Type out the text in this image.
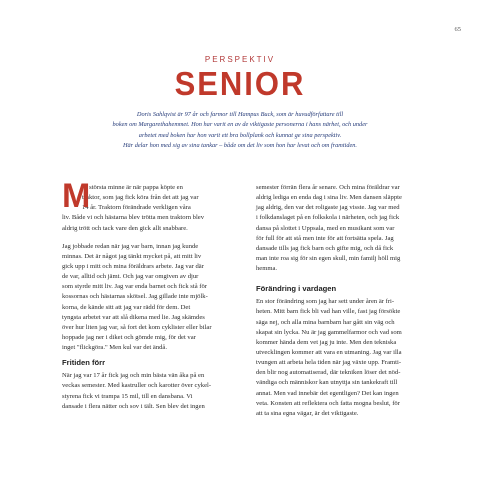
65
PERSPEKTIV
SENIOR
Doris Sahlqvist är 97 år och farmor till Hampus Buck, som är huvudförfattare till
boken om Margarethahemmet. Hon har varit en av de viktigaste personerna i hans närhet, och under
arbetet med boken har hon varit ett bra bollplank och kunnat ge sina perspektiv.
Här delar hon med sig av sina tankar – både om det liv som hon har levat och om framtiden.
M
itt största minne är när pappa köpte en
traktor, som jag fick köra från det att jag var
14 år. Traktorn förändrade verkligen våra
liv. Både vi och hästarna blev trötta men traktorn blev
aldrig trött och tack vare den gick allt snabbare.
Jag jobbade redan när jag var barn, innan jag kunde
minnas. Det är något jag tänkt mycket på, att mitt liv
gick upp i mitt och mina föräldrars arbete. Jag var där
de var, alltid och jämt. Och jag var omgiven av djur
som styrde mitt liv. Jag var enda barnet och fick stå för
kossornas och hästarnas skötsel. Jag gillade inte mjölk-
korna, de kände sitt att jag var rädd för dem. Det
tyngsta arbetet var att slå dikena med lie. Jag skämdes
över hur liten jag var, så fort det kom cyklister eller bilar
hoppade jag ner i diket och gömde mig, för det var
inget "flickgöra." Men kul var det ändå.
Fritiden förr
När jag var 17 år fick jag och min bästa vän åka på en
veckas semester. Med kastruller och karotter över cykel-
styrena fick vi trampa 15 mil, till en dansbana. Vi
dansade i flera nätter och sov i tält. Sen blev det ingen
semester förrän flera år senare. Och mina föräldrar var
aldrig lediga en enda dag i sina liv. Men dansen släppte
jag aldrig, den var det roligaste jag visste. Jag var med
i folkdanslaget på en folkskola i närheten, och jag fick
dansa på slottet i Uppsala, med en musikant som var
för full för att stå men inte för att fortsätta spela. Jag
dansade tills jag fick barn och gifte mig, och då fick
man inte roa sig för sin egen skull, min familj höll mig
hemma.
Förändring i vardagen
En stor förändring som jag har sett under åren är fri-
heten. Mitt barn fick bli vad han ville, fast jag försökte
säga nej, och alla mina barnbarn har gått sin väg och
skapat sin lycka. Nu är jag gammelfarmor och vad som
kommer hända dem vet jag ju inte. Men den tekniska
utvecklingen kommer att vara en utmaning. Jag var illa
tvungen att arbeta hela tiden när jag växte upp. Framti-
den blir nog automatiserad, där tekniken löser det nöd-
vändiga och människor kan utnyttja sin tankekraft till
annat. Men vad innebär det egentligen? Det kan ingen
veta. Konsten att reflektera och fatta mogna beslut, för
att ta sina egna vägar, är det viktigaste.
